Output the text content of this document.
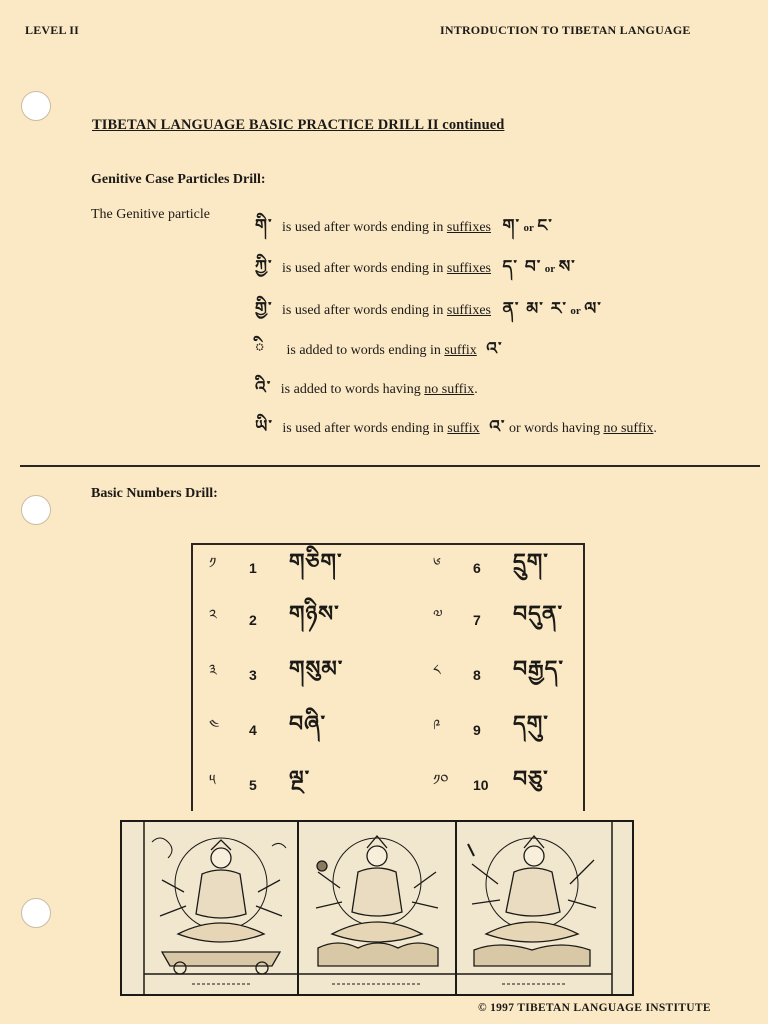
LEVEL II	INTRODUCTION TO TIBETAN LANGUAGE
TIBETAN LANGUAGE BASIC PRACTICE DRILL II continued
Genitive Case Particles Drill:
The Genitive particle
གི་ is used after words ending in suffixes ག་ or ང་
ཀྱི་ is used after words ending in suffixes ད་ བ་ or ས་
གྱི་ is used after words ending in suffixes ན་ མ་ ར་ or ལ་
ི is added to words ending in suffix འ་
འི་ is added to words having no suffix.
ཡི་ is used after words ending in suffix འ་ or words having no suffix.
Basic Numbers Drill:
༡	1	གཅིག་
༢	2	གཉིས་
༣	3	གསུམ་
༤	4	བཞི་
༥	5	ལྔ་
༦	6	དྲུག་
༧	7	བདུན་
༨	8	བརྒྱད་
༩	9	དགུ་
༡༠	10	བཅུ་
© 1997 TIBETAN LANGUAGE INSTITUTE
